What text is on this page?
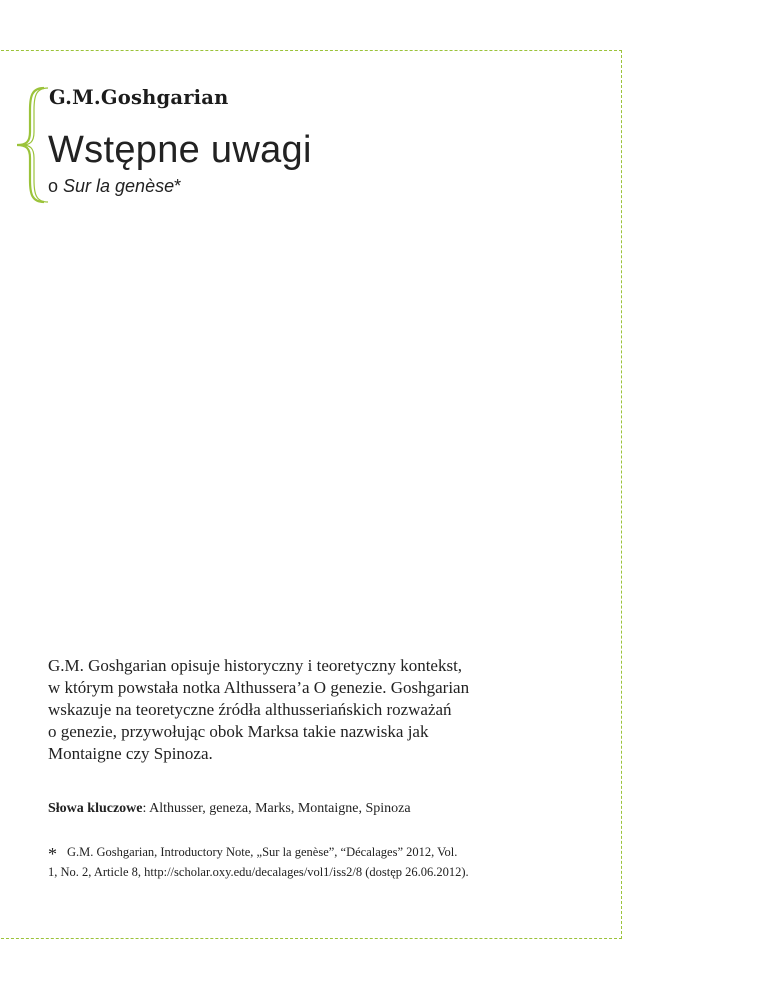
G.M.Goshgarian
Wstępne uwagi
o Sur la genèse*
G.M. Goshgarian opisuje historyczny i teoretyczny kontekst,
w którym powstała notka Althussera’a O genezie. Goshgarian
wskazuje na teoretyczne źródła althusseriańskich rozważań
o genezie, przywołując obok Marksa takie nazwiska jak
Montaigne czy Spinoza.
Słowa kluczowe: Althusser, geneza, Marks, Montaigne, Spinoza
* G.M. Goshgarian, Introductory Note, „Sur la genèse”, “Décalages” 2012, Vol.
1, No. 2, Article 8, http://scholar.oxy.edu/decalages/vol1/iss2/8 (dostęp 26.06.2012).
